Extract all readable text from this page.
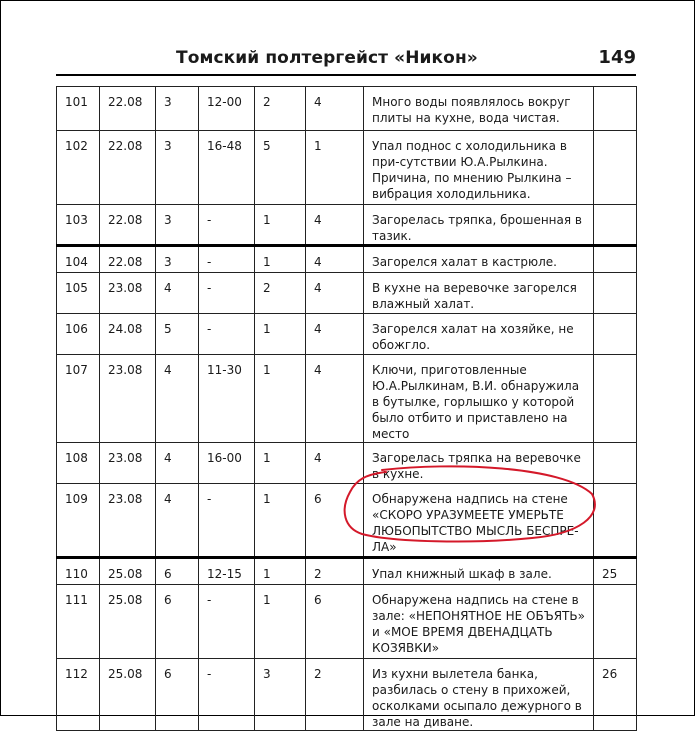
Томский полтергейст «Никон»	149
101	22.08	3	12-00	2	4	Много воды появлялось вокруг плиты на кухне, вода чистая.	
102	22.08	3	16-48	5	1	Упал поднос с холодильника в при-сутствии Ю.А.Рылкина. Причина, по мнению Рылкина – вибрация холодильника.	
103	22.08	3	-	1	4	Загорелась тряпка, брошенная в тазик.	
104	22.08	3	-	1	4	Загорелся халат в кастрюле.	
105	23.08	4	-	2	4	В кухне на веревочке загорелся влажный халат.	
106	24.08	5	-	1	4	Загорелся халат на хозяйке, не обожгло.	
107	23.08	4	11-30	1	4	Ключи, приготовленные Ю.А.Рылкинам, В.И. обнаружила в бутылке, горлышко у которой было отбито и приставлено на место	
108	23.08	4	16-00	1	4	Загорелась тряпка на веревочке в кухне.	
109	23.08	4	-	1	6	Обнаружена надпись на стене «СКОРО УРАЗУМЕЕТЕ УМЕРЬТЕ ЛЮБОПЫТСТВО МЫСЛЬ БЕСПРЕ-ЛА»	
110	25.08	6	12-15	1	2	Упал книжный шкаф в зале.	25
111	25.08	6	-	1	6	Обнаружена надпись на стене в зале: «НЕПОНЯТНОЕ НЕ ОБЪЯТЬ» и «МОЕ ВРЕМЯ ДВЕНАДЦАТЬ КОЗЯВКИ»	
112	25.08	6	-	3	2	Из кухни вылетела банка, разбилась о стену в прихожей, осколками осыпало дежурного в зале на диване.	26
